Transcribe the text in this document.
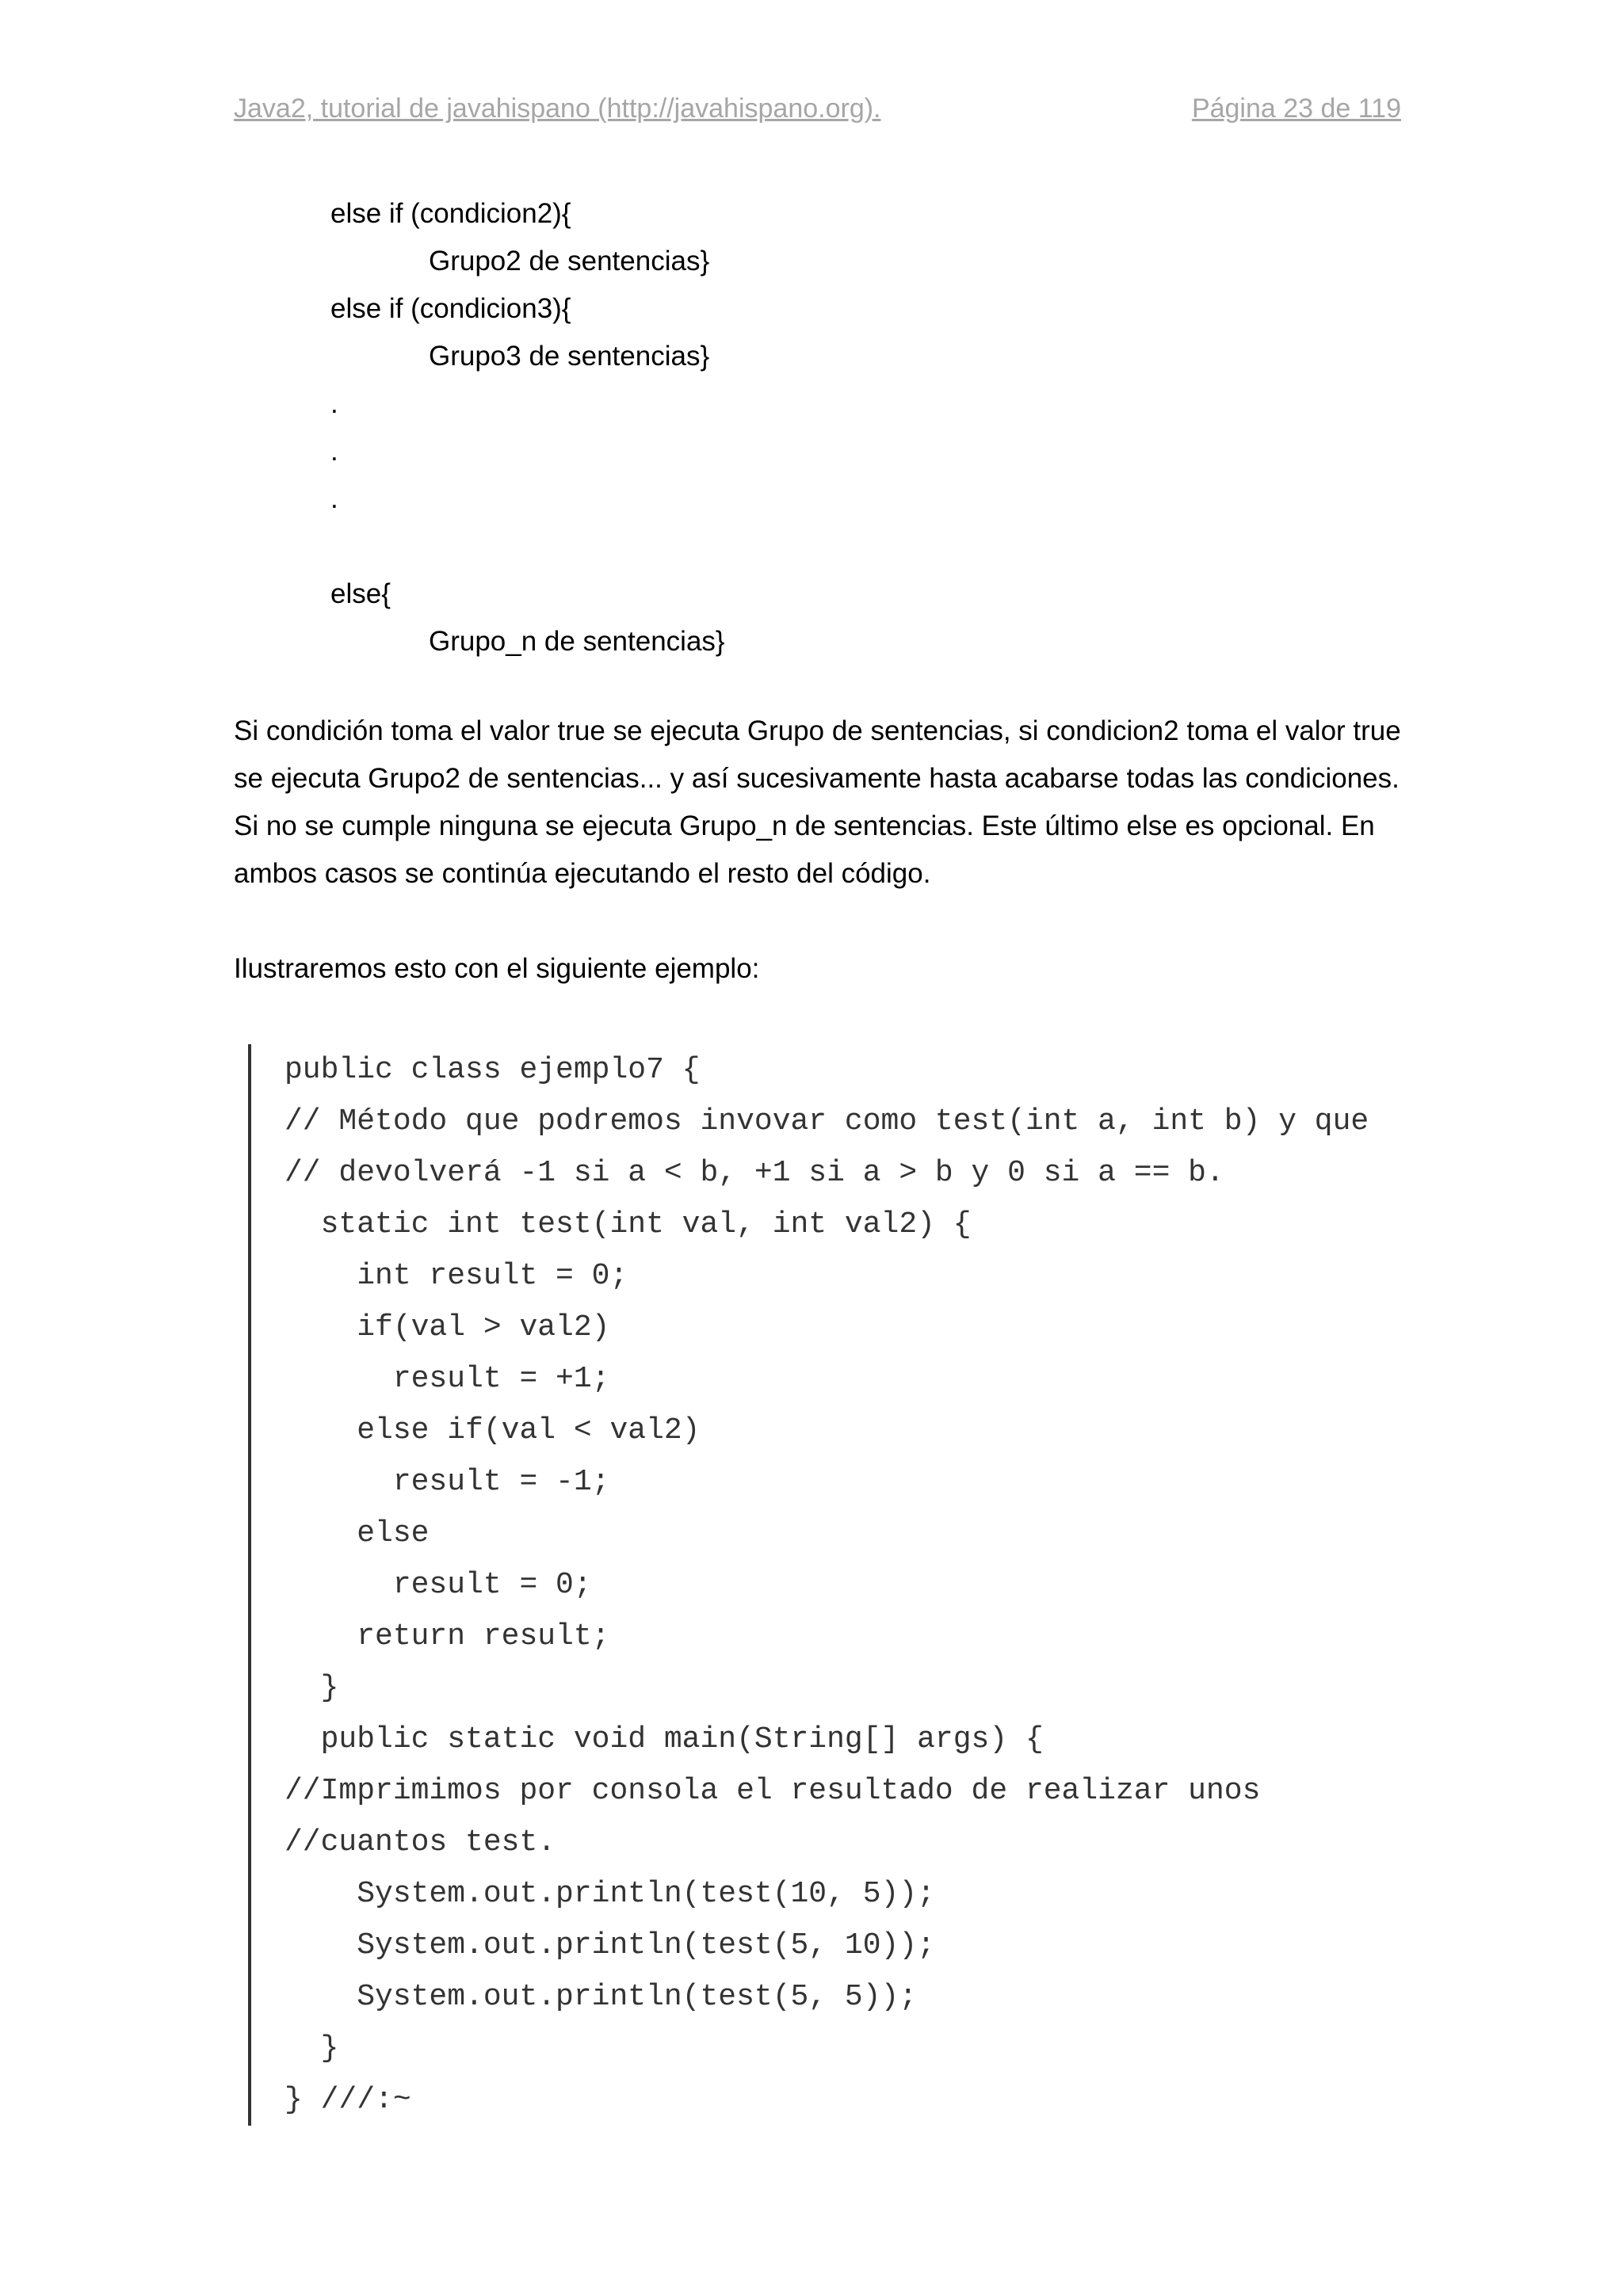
Java2, tutorial de javahispano (http://javahispano.org).	Página 23 de 119
else if (condicion2){
Grupo2 de sentencias}
else if (condicion3){
Grupo3 de sentencias}
.
.
.
else{
Grupo_n de sentencias}

Si condición toma el valor true se ejecuta Grupo de sentencias, si condicion2 toma el valor true se ejecuta Grupo2 de sentencias... y así sucesivamente hasta acabarse todas las condiciones. Si no se cumple ninguna se ejecuta Grupo_n de sentencias. Este último else es opcional. En ambos casos se continúa ejecutando el resto del código.

Ilustraremos esto con el siguiente ejemplo:

public class ejemplo7 {
// Método que podremos invovar como test(int a, int b) y que
// devolverá -1 si a < b, +1 si a > b y 0 si a == b.
static int test(int val, int val2) {
int result = 0;
if(val > val2)
result = +1;
else if(val < val2)
result = -1;
else
result = 0;
return result;
}
public static void main(String[] args) {
//Imprimimos por consola el resultado de realizar unos
//cuantos test.
System.out.println(test(10, 5));
System.out.println(test(5, 10));
System.out.println(test(5, 5));
}
} ///:~
